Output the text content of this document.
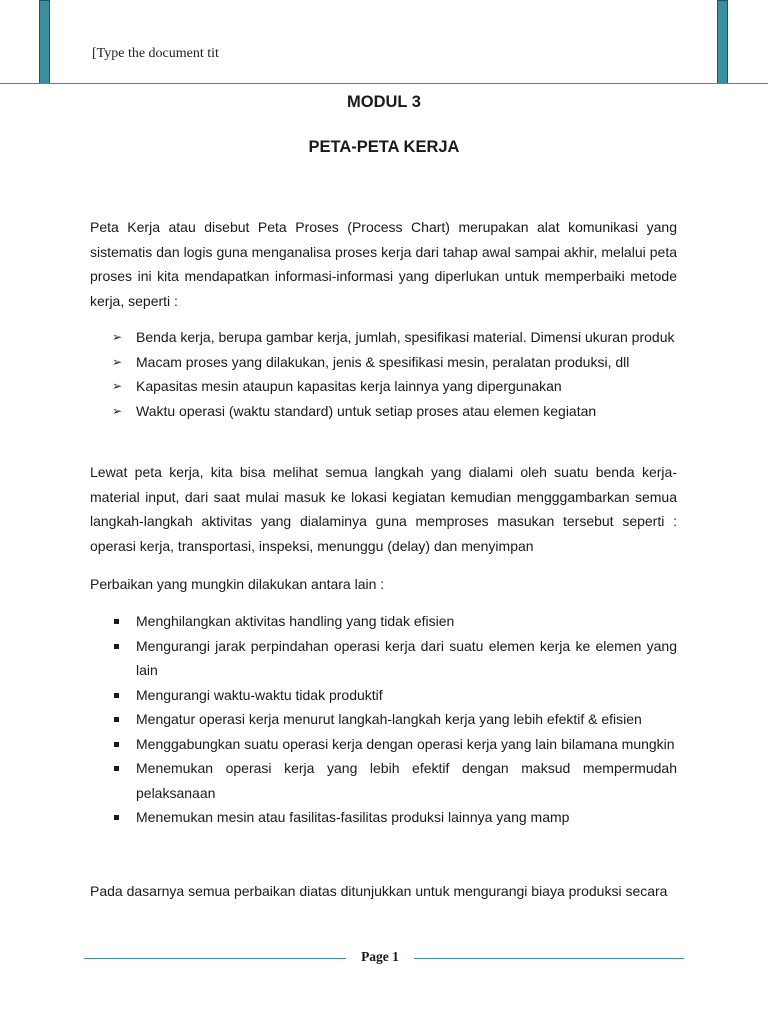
[Type the document tit
MODUL 3
PETA-PETA KERJA

Peta Kerja atau disebut Peta Proses (Process Chart) merupakan alat komunikasi yang sistematis dan logis guna menganalisa proses kerja dari tahap awal sampai akhir, melalui peta proses ini kita mendapatkan informasi-informasi yang diperlukan untuk memperbaiki metode kerja, seperti :

➢ Benda kerja, berupa gambar kerja, jumlah, spesifikasi material. Dimensi ukuran produk
➢ Macam proses yang dilakukan, jenis & spesifikasi mesin, peralatan produksi, dll
➢ Kapasitas mesin ataupun kapasitas kerja lainnya yang dipergunakan
➢ Waktu operasi (waktu standard) untuk setiap proses atau elemen kegiatan

Lewat peta kerja, kita bisa melihat semua langkah yang dialami oleh suatu benda kerja-material input, dari saat mulai masuk ke lokasi kegiatan kemudian mengggambarkan semua langkah-langkah aktivitas yang dialaminya guna memproses masukan tersebut seperti : operasi kerja, transportasi, inspeksi, menunggu (delay) dan menyimpan

Perbaikan yang mungkin dilakukan antara lain :

Menghilangkan aktivitas handling yang tidak efisien
Mengurangi jarak perpindahan operasi kerja dari suatu elemen kerja ke elemen yang lain
Mengurangi waktu-waktu tidak produktif
Mengatur operasi kerja menurut langkah-langkah kerja yang lebih efektif & efisien
Menggabungkan suatu operasi kerja dengan operasi kerja yang lain bilamana mungkin
Menemukan operasi kerja yang lebih efektif dengan maksud mempermudah pelaksanaan
Menemukan mesin atau fasilitas-fasilitas produksi lainnya yang mamp

Pada dasarnya semua perbaikan diatas ditunjukkan untuk mengurangi biaya produksi secara

Page 1
